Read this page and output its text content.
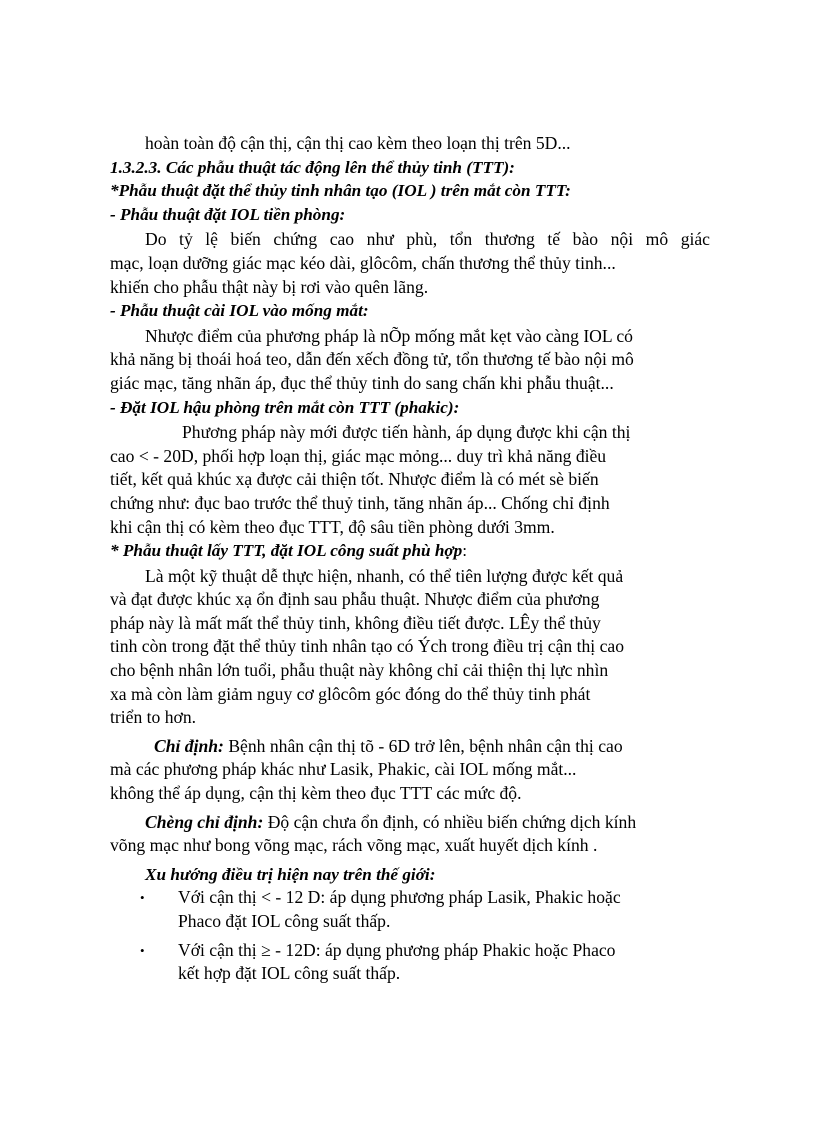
hoàn toàn độ cận thị, cận thị cao kèm theo loạn thị trên 5D...

1.3.2.3. Các phẫu thuật tác động lên thể thủy tinh (TTT):

*Phẫu thuật đặt thể thủy tinh nhân tạo (IOL ) trên mắt còn TTT:

- Phẫu thuật đặt IOL tiền phòng:

Do tỷ lệ biến chứng cao như phù, tổn thương tế bào nội mô giác

mạc, loạn dưỡng giác mạc kéo dài, glôcôm, chấn thương thể thủy tinh...

khiến cho phẫu thật này bị rơi vào quên lãng.

- Phẫu thuật cài IOL vào mống mắt:

Nhược điểm của phương pháp là nÕp mống mắt kẹt vào càng IOL có

khả năng bị thoái hoá teo, dẫn đến xếch đồng tử, tổn thương tế bào nội mô

giác mạc, tăng nhãn áp, đục thể thủy tinh do sang chấn khi phẫu thuật...

- Đặt IOL hậu phòng trên mắt còn TTT (phakic):

Phương pháp này mới được tiến hành, áp dụng được khi cận thị

cao < - 20D, phối hợp loạn thị, giác mạc mỏng... duy trì khả năng điều

tiết, kết quả khúc xạ được cải thiện tốt. Nhược điểm là có mét sè biến

chứng như: đục bao trước thể thuỷ tinh, tăng nhãn áp... Chống chỉ định

khi cận thị có kèm theo đục TTT, độ sâu tiền phòng dưới 3mm.

* Phẫu thuật lấy TTT, đặt IOL công suất phù hợp:

Là một kỹ thuật dễ thực hiện, nhanh, có thể tiên lượng được kết quả

và đạt được khúc xạ ổn định sau phẫu thuật. Nhược điểm của phương

pháp này là mất mất thể thủy tinh, không điều tiết được. LÊy thể thủy

tinh còn trong đặt thể thủy tinh nhân tạo có Ých trong điều trị cận thị cao

cho bệnh nhân lớn tuổi, phẫu thuật này không chỉ cải thiện thị lực nhìn

xa mà còn làm giảm nguy cơ glôcôm góc đóng do thể thủy tinh phát

triển to hơn.

Chỉ định: Bệnh nhân cận thị tõ - 6D trở lên, bệnh nhân cận thị cao

mà các phương pháp khác như Lasik, Phakic, cài IOL mống mắt...

không thể áp dụng, cận thị kèm theo đục TTT các mức độ.

Chèng chỉ định: Độ cận chưa ổn định, có nhiều biến chứng dịch kính

võng mạc như bong võng mạc, rách võng mạc, xuất huyết dịch kính .

Xu hướng điều trị hiện nay trên thế giới:

• Với cận thị < - 12 D: áp dụng phương pháp Lasik, Phakic hoặc

Phaco đặt IOL công suất thấp.

• Với cận thị ≥ - 12D: áp dụng phương pháp Phakic hoặc Phaco

kết hợp đặt IOL công suất thấp.
